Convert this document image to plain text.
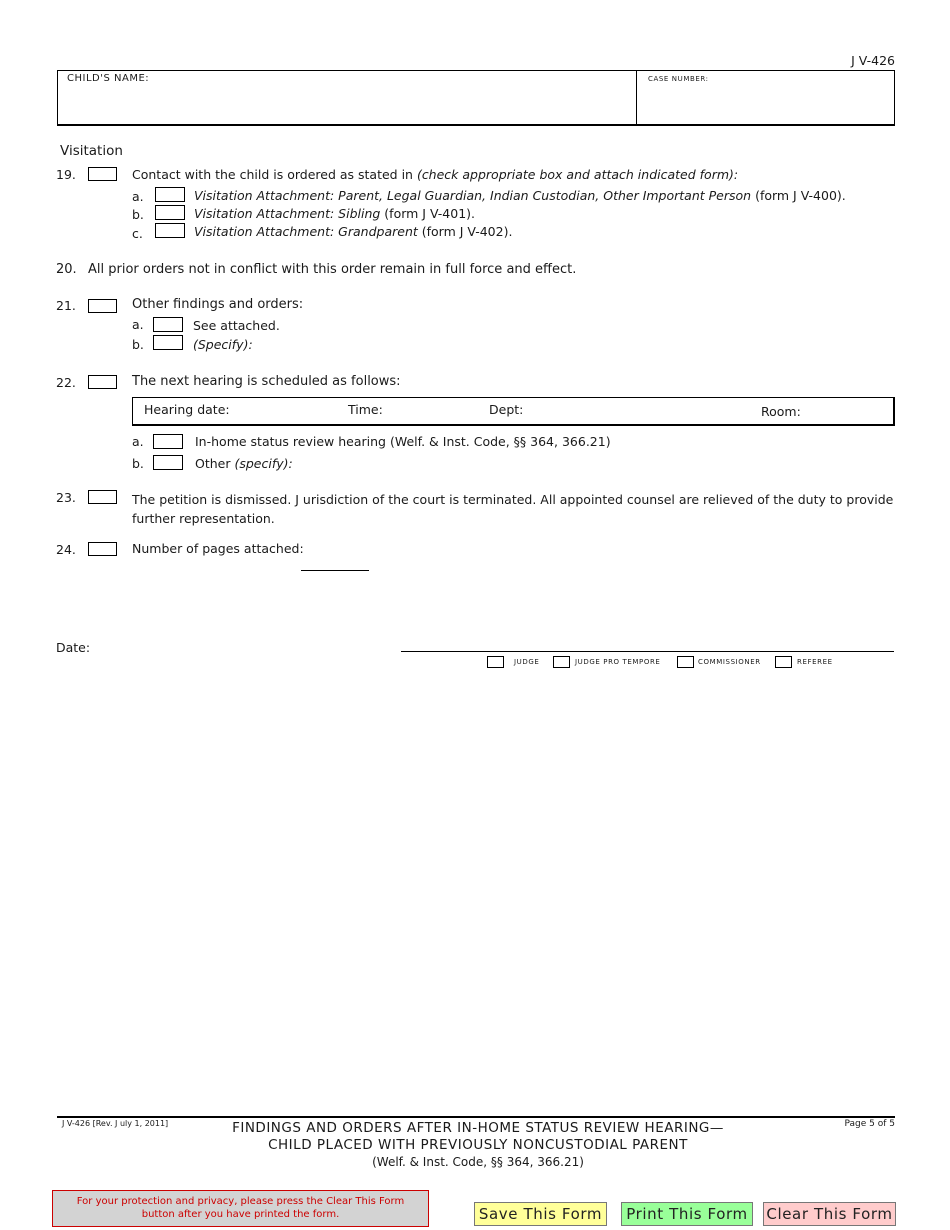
J V-426
CHILD'S NAME:	CASE NUMBER:
Visitation
19.	Contact with the child is ordered as stated in (check appropriate box and attach indicated form):
a.	Visitation Attachment: Parent, Legal Guardian, Indian Custodian, Other Important Person (form J V-400).
b.	Visitation Attachment: Sibling (form J V-401).
c.	Visitation Attachment: Grandparent (form J V-402).
20. All prior orders not in conflict with this order remain in full force and effect.
21.	Other findings and orders:
a.	See attached.
b.	(Specify):
22.	The next hearing is scheduled as follows:
Hearing date:	Time:	Dept:	Room:
a.	In-home status review hearing (Welf. & Inst. Code, §§ 364, 366.21)
b.	Other (specify):
23.	The petition is dismissed. J urisdiction of the court is terminated. All appointed counsel are relieved of the duty to provide
further representation.
24.	Number of pages attached:
Date:
JUDGE	JUDGE PRO TEMPORE	COMMISSIONER	REFEREE
J V-426 [Rev. J uly 1, 2011]	Page 5 of 5
FINDINGS AND ORDERS AFTER IN-HOME STATUS REVIEW HEARING—
CHILD PLACED WITH PREVIOUSLY NONCUSTODIAL PARENT
(Welf. & Inst. Code, §§ 364, 366.21)
For your protection and privacy, please press the Clear This Form
button after you have printed the form.	Save This Form	Print This Form	Clear This Form
